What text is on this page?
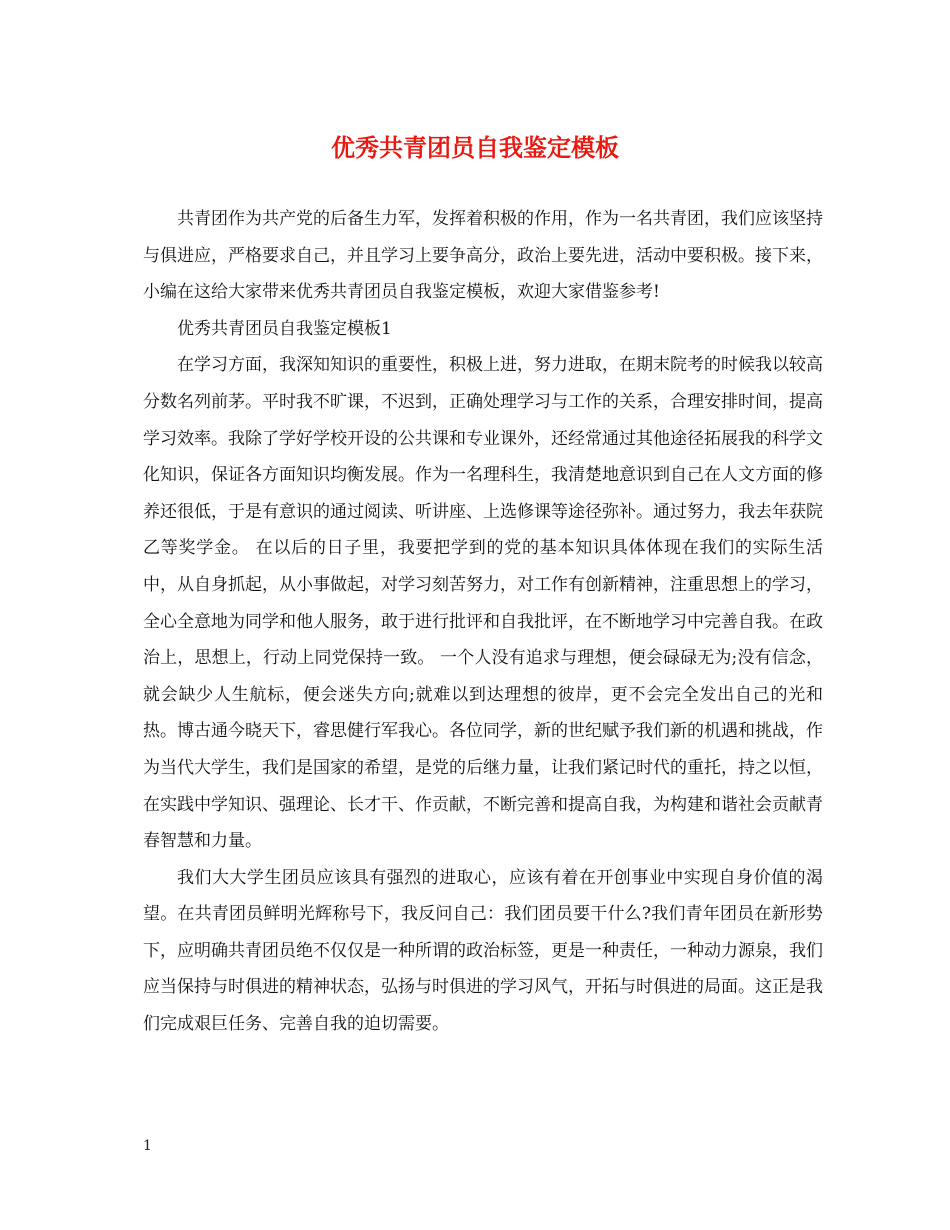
优秀共青团员自我鉴定模板

共青团作为共产党的后备生力军，发挥着积极的作用，作为一名共青团，我们应该坚持与俱进应，严格要求自己，并且学习上要争高分，政治上要先进，活动中要积极。接下来，小编在这给大家带来优秀共青团员自我鉴定模板，欢迎大家借鉴参考!

优秀共青团员自我鉴定模板1

在学习方面，我深知知识的重要性，积极上进，努力进取，在期末院考的时候我以较高分数名列前茅。平时我不旷课，不迟到，正确处理学习与工作的关系，合理安排时间，提高学习效率。我除了学好学校开设的公共课和专业课外，还经常通过其他途径拓展我的科学文化知识，保证各方面知识均衡发展。作为一名理科生，我清楚地意识到自己在人文方面的修养还很低，于是有意识的通过阅读、听讲座、上选修课等途径弥补。通过努力，我去年获院乙等奖学金。 在以后的日子里，我要把学到的党的基本知识具体体现在我们的实际生活中，从自身抓起，从小事做起，对学习刻苦努力，对工作有创新精神，注重思想上的学习，全心全意地为同学和他人服务，敢于进行批评和自我批评，在不断地学习中完善自我。在政治上，思想上，行动上同党保持一致。 一个人没有追求与理想，便会碌碌无为;没有信念，就会缺少人生航标，便会迷失方向;就难以到达理想的彼岸，更不会完全发出自己的光和热。博古通今晓天下，睿思健行军我心。各位同学，新的世纪赋予我们新的机遇和挑战，作为当代大学生，我们是国家的希望，是党的后继力量，让我们紧记时代的重托，持之以恒，在实践中学知识、强理论、长才干、作贡献，不断完善和提高自我，为构建和谐社会贡献青春智慧和力量。

我们大大学生团员应该具有强烈的进取心，应该有着在开创事业中实现自身价值的渴望。在共青团员鲜明光辉称号下，我反问自己：我们团员要干什么?我们青年团员在新形势下，应明确共青团员绝不仅仅是一种所谓的政治标签，更是一种责任，一种动力源泉，我们应当保持与时俱进的精神状态，弘扬与时俱进的学习风气，开拓与时俱进的局面。这正是我们完成艰巨任务、完善自我的迫切需要。

1
